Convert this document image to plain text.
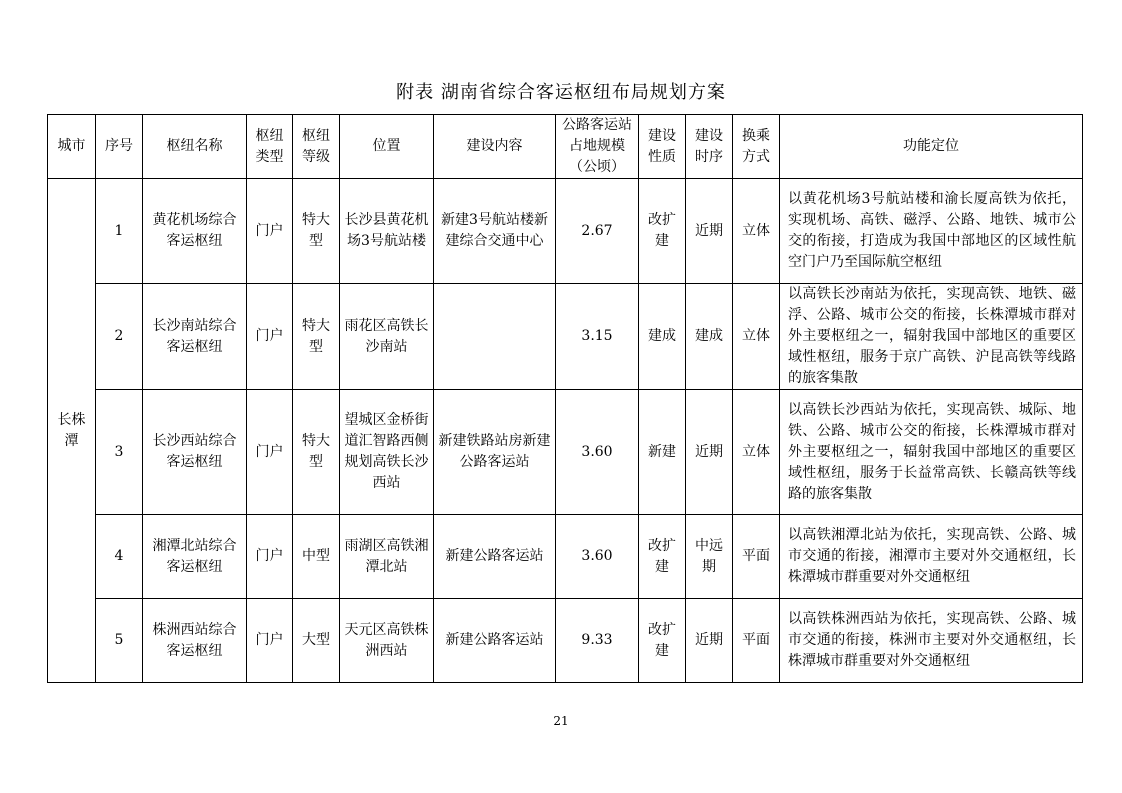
附表 湖南省综合客运枢纽布局规划方案
城市	序号	枢纽名称	枢纽类型	枢纽等级	位置	建设内容	公路客运站占地规模（公顷）	建设性质	建设时序	换乘方式	功能定位
长株潭	1	黄花机场综合客运枢纽	门户	特大型	长沙县黄花机场3号航站楼	新建3号航站楼新建综合交通中心	2.67	改扩建	近期	立体	以黄花机场3号航站楼和渝长厦高铁为依托，实现机场、高铁、磁浮、公路、地铁、城市公交的衔接，打造成为我国中部地区的区域性航空门户乃至国际航空枢纽
	2	长沙南站综合客运枢纽	门户	特大型	雨花区高铁长沙南站		3.15	建成	建成	立体	以高铁长沙南站为依托，实现高铁、地铁、磁浮、公路、城市公交的衔接，长株潭城市群对外主要枢纽之一，辐射我国中部地区的重要区域性枢纽，服务于京广高铁、沪昆高铁等线路的旅客集散
	3	长沙西站综合客运枢纽	门户	特大型	望城区金桥街道汇智路西侧规划高铁长沙西站	新建铁路站房新建公路客运站	3.60	新建	近期	立体	以高铁长沙西站为依托，实现高铁、城际、地铁、公路、城市公交的衔接，长株潭城市群对外主要枢纽之一，辐射我国中部地区的重要区域性枢纽，服务于长益常高铁、长赣高铁等线路的旅客集散
	4	湘潭北站综合客运枢纽	门户	中型	雨湖区高铁湘潭北站	新建公路客运站	3.60	改扩建	中远期	平面	以高铁湘潭北站为依托，实现高铁、公路、城市交通的衔接，湘潭市主要对外交通枢纽，长株潭城市群重要对外交通枢纽
	5	株洲西站综合客运枢纽	门户	大型	天元区高铁株洲西站	新建公路客运站	9.33	改扩建	近期	平面	以高铁株洲西站为依托，实现高铁、公路、城市交通的衔接，株洲市主要对外交通枢纽，长株潭城市群重要对外交通枢纽
21
